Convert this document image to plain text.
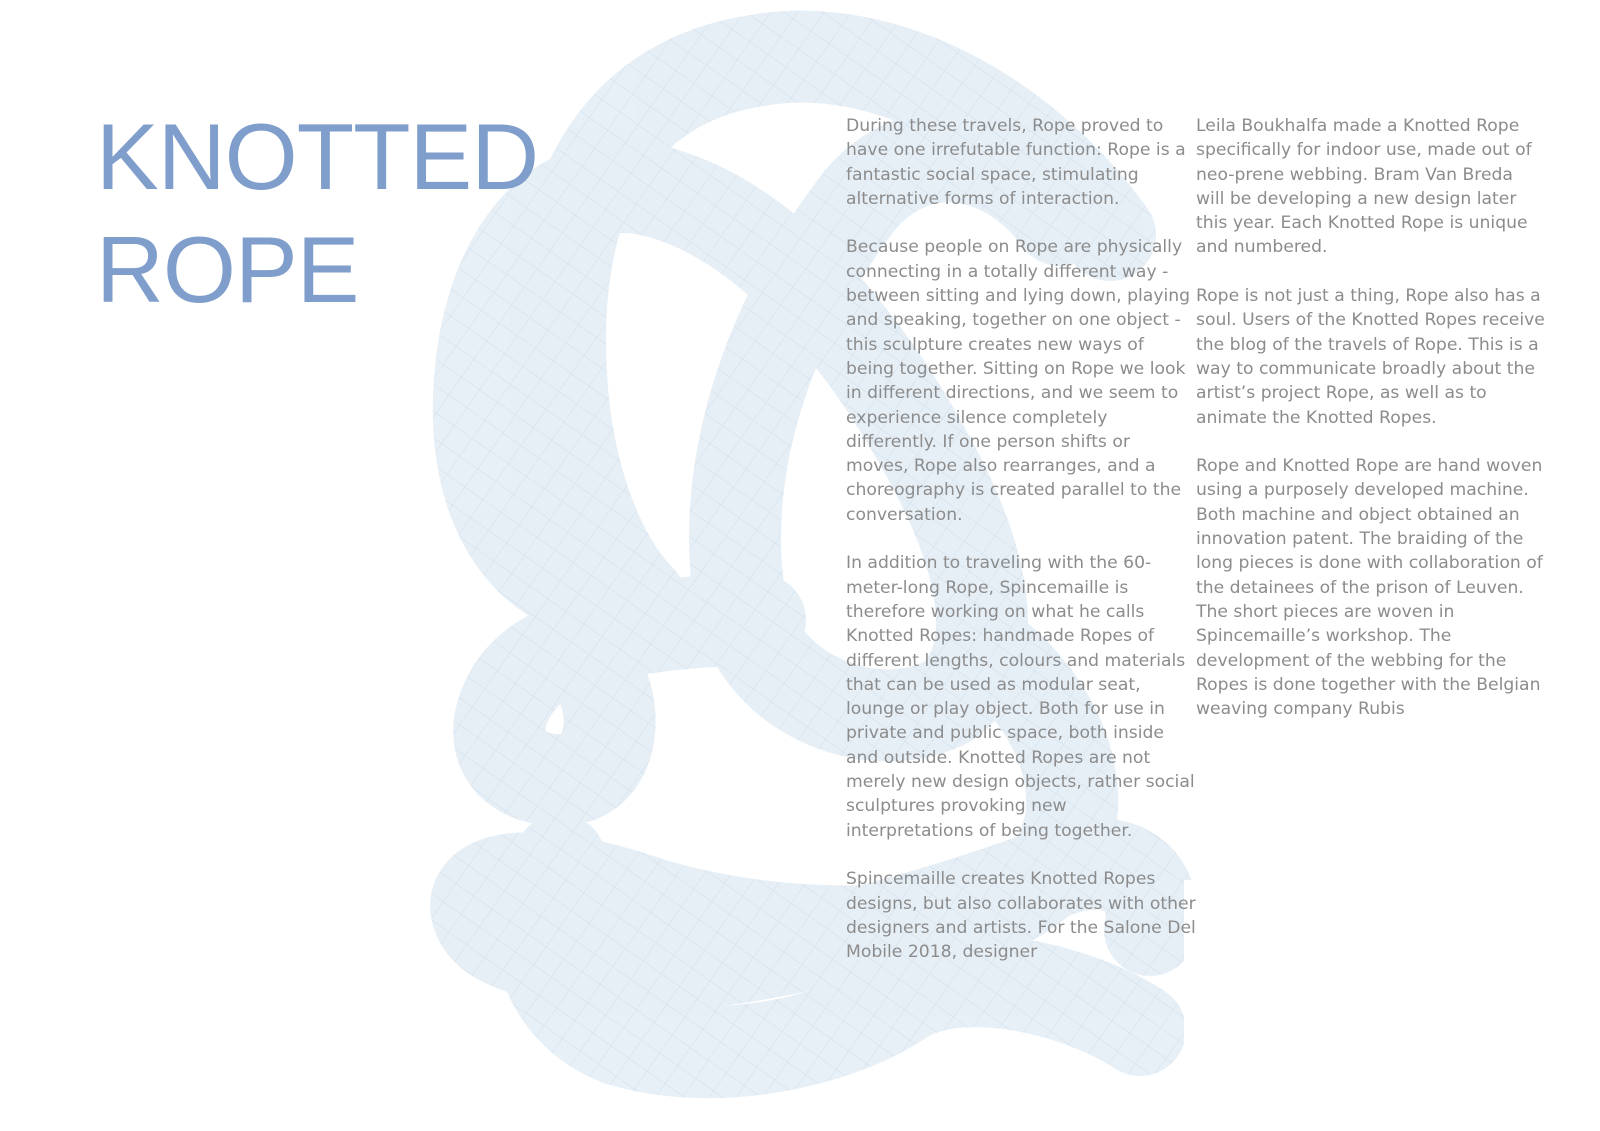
KNOTTED
ROPE

During these travels, Rope proved to have one irrefutable function: Rope is a fantastic social space, stimulating alternative forms of interaction.

Because people on Rope are physically connecting in a totally different way - between sitting and lying down, playing and speaking, together on one object - this sculpture creates new ways of being together. Sitting on Rope we look in different directions, and we seem to experience silence completely differently. If one person shifts or moves, Rope also rearranges, and a choreography is created parallel to the conversation.

In addition to traveling with the 60-meter-long Rope, Spincemaille is therefore working on what he calls Knotted Ropes: handmade Ropes of different lengths, colours and materials that can be used as modular seat, lounge or play object. Both for use in private and public space, both inside and outside. Knotted Ropes are not merely new design objects, rather social sculptures provoking new interpretations of being together.

Spincemaille creates Knotted Ropes designs, but also collaborates with other designers and artists. For the Salone Del Mobile 2018, designer

Leila Boukhalfa made a Knotted Rope specifically for indoor use, made out of neo-prene webbing. Bram Van Breda will be developing a new design later this year. Each Knotted Rope is unique and numbered.

Rope is not just a thing, Rope also has a soul. Users of the Knotted Ropes receive the blog of the travels of Rope. This is a way to communicate broadly about the artist’s project Rope, as well as to animate the Knotted Ropes.

Rope and Knotted Rope are hand woven using a purposely developed machine. Both machine and object obtained an innovation patent. The braiding of the long pieces is done with collaboration of the detainees of the prison of Leuven. The short pieces are woven in Spincemaille’s workshop. The development of the webbing for the Ropes is done together with the Belgian weaving company Rubis
